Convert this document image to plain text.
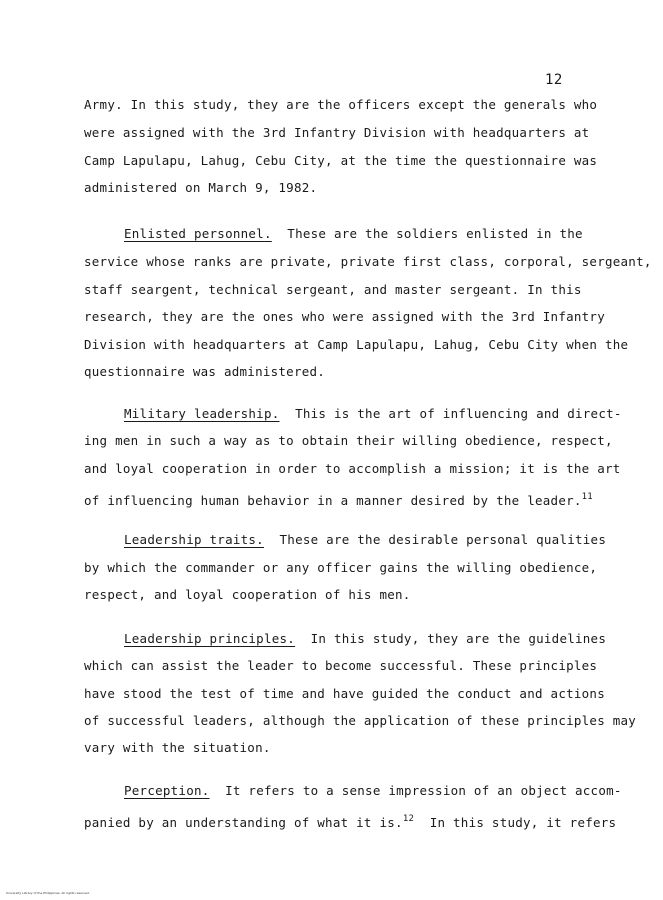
12
Army. In this study, they are the officers except the generals who
were assigned with the 3rd Infantry Division with headquarters at
Camp Lapulapu, Lahug, Cebu City, at the time the questionnaire was
administered on March 9, 1982.
Enlisted personnel.  These are the soldiers enlisted in the
service whose ranks are private, private first class, corporal, sergeant,
staff seargent, technical sergeant, and master sergeant. In this
research, they are the ones who were assigned with the 3rd Infantry
Division with headquarters at Camp Lapulapu, Lahug, Cebu City when the
questionnaire was administered.
Military leadership.  This is the art of influencing and direct-
ing men in such a way as to obtain their willing obedience, respect,
and loyal cooperation in order to accomplish a mission; it is the art
of influencing human behavior in a manner desired by the leader.$^{11}$
Leadership traits.  These are the desirable personal qualities
by which the commander or any officer gains the willing obedience,
respect, and loyal cooperation of his men.
Leadership principles.  In this study, they are the guidelines
which can assist the leader to become successful. These principles
have stood the test of time and have guided the conduct and actions
of successful leaders, although the application of these principles may
vary with the situation.
Perception.  It refers to a sense impression of an object accom-
panied by an understanding of what it is.$^{12}$  In this study, it refers
University Library of the Philippines. All rights reserved.
